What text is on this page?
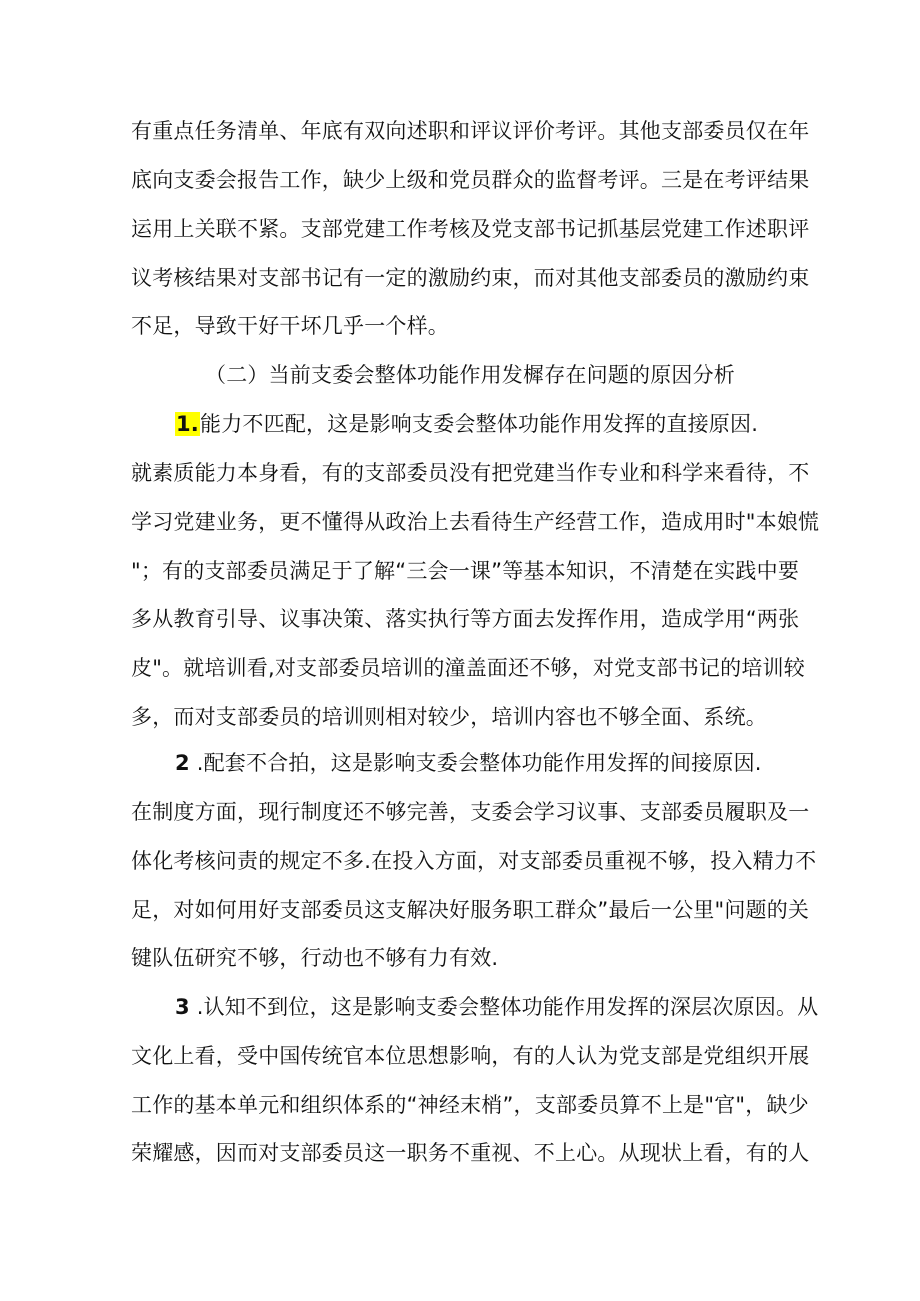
有重点任务清单、年底有双向述职和评议评价考评。其他支部委员仅在年
底向支委会报告工作，缺少上级和党员群众的监督考评。三是在考评结果
运用上关联不紧。支部党建工作考核及党支部书记抓基层党建工作述职评
议考核结果对支部书记有一定的激励约束，而对其他支部委员的激励约束
不足，导致干好干坏几乎一个样。
（二）当前支委会整体功能作用发樨存在问题的原因分析
1.能力不匹配，这是影响支委会整体功能作用发挥的直接原因.
就素质能力本身看，有的支部委员没有把党建当作专业和科学来看待，不
学习党建业务，更不懂得从政治上去看待生产经营工作，造成用时"本娘慌
"；有的支部委员满足于了解“三会一课”等基本知识，不清楚在实践中要
多从教育引导、议事决策、落实执行等方面去发挥作用，造成学用“两张
皮"。就培训看,对支部委员培训的潼盖面还不够，对党支部书记的培训较
多，而对支部委员的培训则相对较少，培训内容也不够全面、系统。
2 .配套不合拍，这是影响支委会整体功能作用发挥的间接原因.
在制度方面，现行制度还不够完善，支委会学习议事、支部委员履职及一
体化考核问责的规定不多.在投入方面，对支部委员重视不够，投入精力不
足，对如何用好支部委员这支解决好服务职工群众”最后一公里"问题的关
键队伍研究不够，行动也不够有力有效.
3 .认知不到位，这是影响支委会整体功能作用发挥的深层次原因。从
文化上看，受中国传统官本位思想影响，有的人认为党支部是党组织开展
工作的基本单元和组织体系的“神经末梢”，支部委员算不上是"官"，缺少
荣耀感，因而对支部委员这一职务不重视、不上心。从现状上看，有的人
